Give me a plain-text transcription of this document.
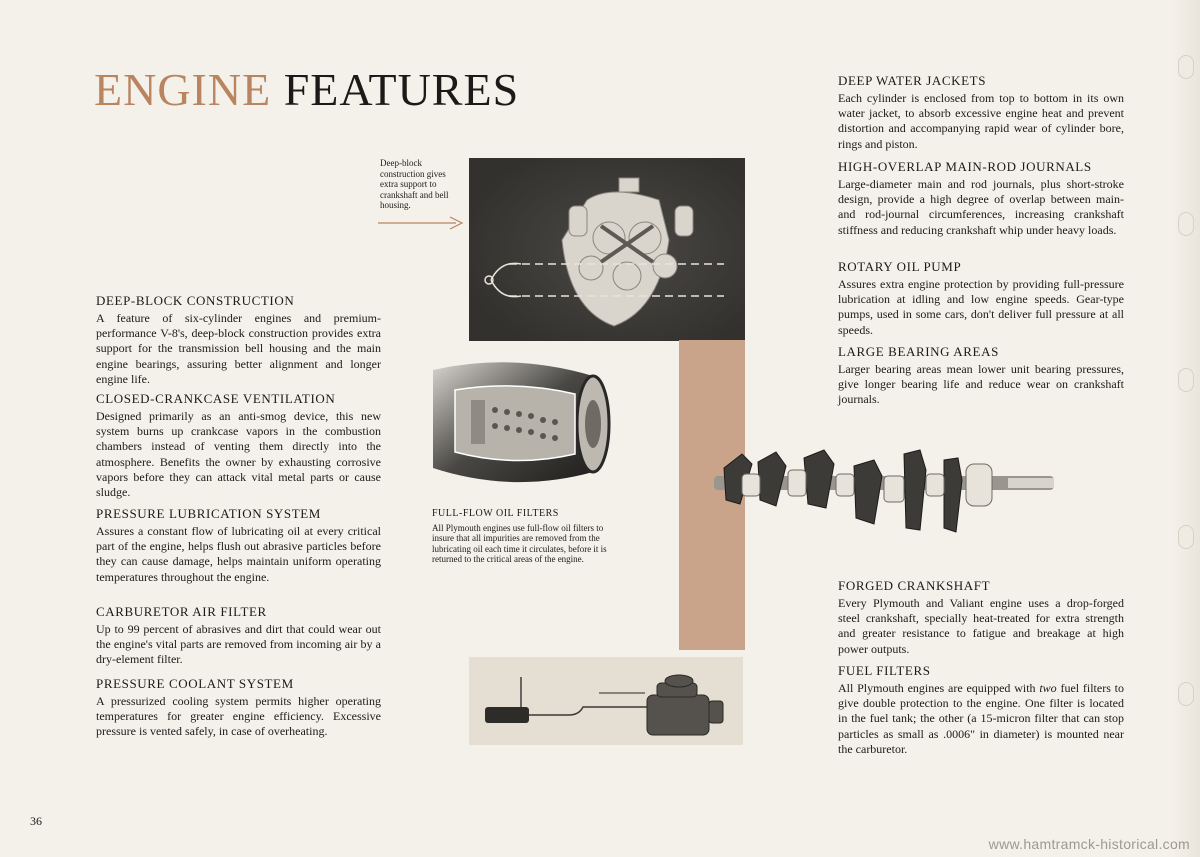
ENGINE FEATURES

Deep-block construction gives extra support to crankshaft and bell housing.

DEEP-BLOCK CONSTRUCTION

A feature of six-cylinder engines and premium-performance V-8's, deep-block construction provides extra support for the transmission bell housing and the main engine bearings, assuring better alignment and longer engine life.

CLOSED-CRANKCASE VENTILATION

Designed primarily as an anti-smog device, this new system burns up crankcase vapors in the combustion chambers instead of venting them directly into the atmosphere. Benefits the owner by exhausting corrosive vapors before they can attack vital metal parts or cause sludge.

PRESSURE LUBRICATION SYSTEM

Assures a constant flow of lubricating oil at every critical part of the engine, helps flush out abrasive particles before they can cause damage, helps maintain uniform operating temperatures throughout the engine.

CARBURETOR AIR FILTER

Up to 99 percent of abrasives and dirt that could wear out the engine's vital parts are removed from incoming air by a dry-element filter.

PRESSURE COOLANT SYSTEM

A pressurized cooling system permits higher operating temperatures for greater engine efficiency. Excessive pressure is vented safely, in case of overheating.

FULL-FLOW OIL FILTERS

All Plymouth engines use full-flow oil filters to insure that all impurities are removed from the lubricating oil each time it circulates, before it is returned to the critical areas of the engine.

DEEP WATER JACKETS

Each cylinder is enclosed from top to bottom in its own water jacket, to absorb excessive engine heat and prevent distortion and accompanying rapid wear of cylinder bore, rings and piston.

HIGH-OVERLAP MAIN-ROD JOURNALS

Large-diameter main and rod journals, plus short-stroke design, provide a high degree of overlap between main- and rod-journal circumferences, increasing crankshaft stiffness and reducing crankshaft whip under heavy loads.

ROTARY OIL PUMP

Assures extra engine protection by providing full-pressure lubrication at idling and low engine speeds. Gear-type pumps, used in some cars, don't deliver full pressure at all speeds.

LARGE BEARING AREAS

Larger bearing areas mean lower unit bearing pressures, give longer bearing life and reduce wear on crankshaft journals.

FORGED CRANKSHAFT

Every Plymouth and Valiant engine uses a drop-forged steel crankshaft, specially heat-treated for extra strength and greater resistance to fatigue and breakage at high power outputs.

FUEL FILTERS

All Plymouth engines are equipped with two fuel filters to give double protection to the engine. One filter is located in the fuel tank; the other (a 15-micron filter that can stop particles as small as .0006" in diameter) is mounted near the carburetor.

36
www.hamtramck-historical.com
